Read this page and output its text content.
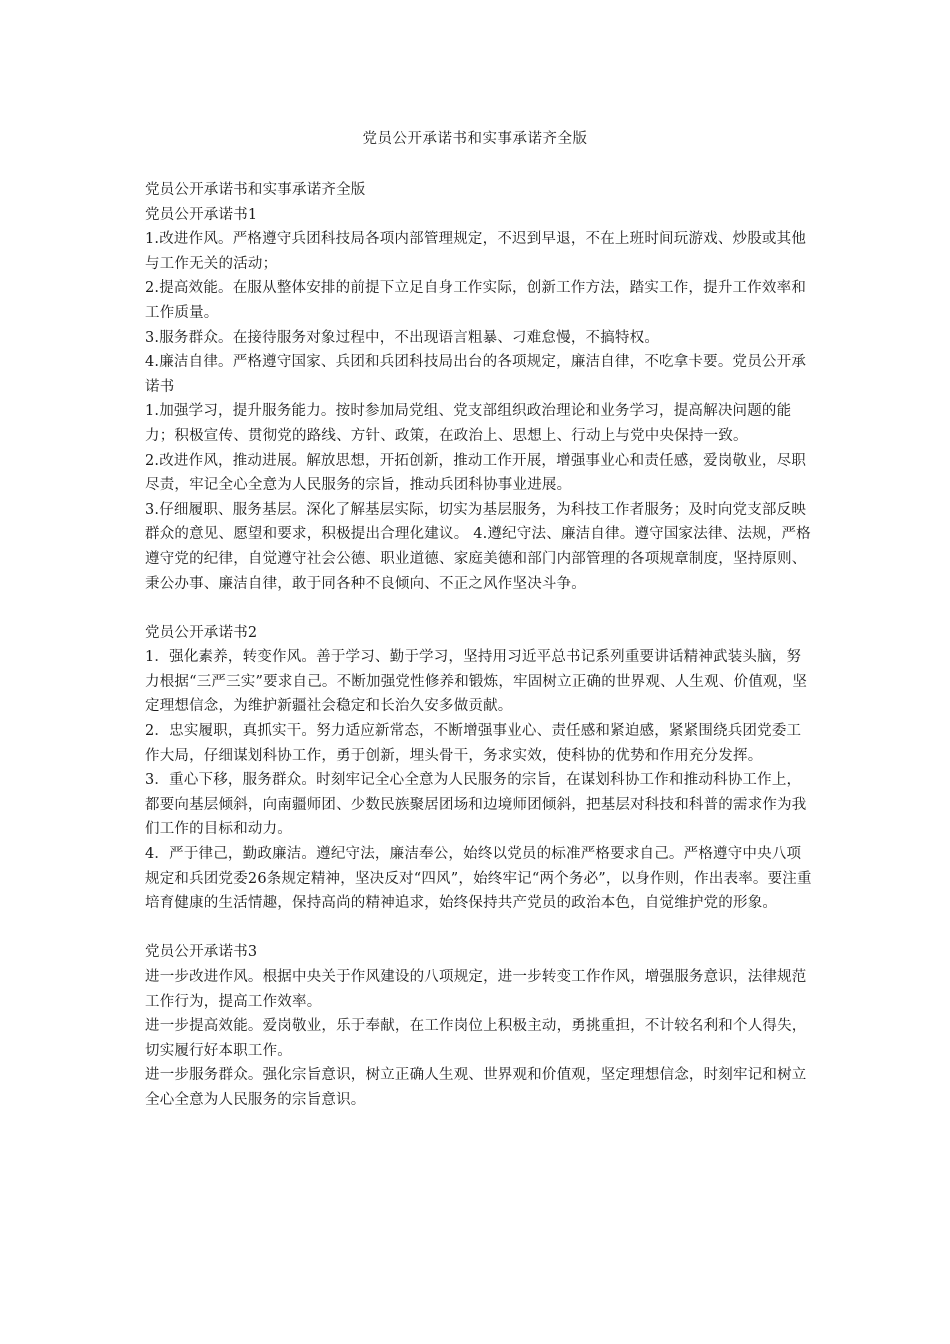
党员公开承诺书和实事承诺齐全版

党员公开承诺书和实事承诺齐全版

党员公开承诺书1

1.改进作风。严格遵守兵团科技局各项内部管理规定，不迟到早退，不在上班时间玩游戏、炒股或其他与工作无关的活动；

2.提高效能。在服从整体安排的前提下立足自身工作实际，创新工作方法，踏实工作，提升工作效率和工作质量。

3.服务群众。在接待服务对象过程中，不出现语言粗暴、刁难怠慢，不搞特权。

4.廉洁自律。严格遵守国家、兵团和兵团科技局出台的各项规定，廉洁自律，不吃拿卡要。党员公开承诺书

1.加强学习，提升服务能力。按时参加局党组、党支部组织政治理论和业务学习，提高解决问题的能力；积极宣传、贯彻党的路线、方针、政策，在政治上、思想上、行动上与党中央保持一致。

2.改进作风，推动进展。解放思想，开拓创新，推动工作开展，增强事业心和责任感，爱岗敬业，尽职尽责，牢记全心全意为人民服务的宗旨，推动兵团科协事业进展。

3.仔细履职、服务基层。深化了解基层实际，切实为基层服务，为科技工作者服务；及时向党支部反映群众的意见、愿望和要求，积极提出合理化建议。 4.遵纪守法、廉洁自律。遵守国家法律、法规，严格遵守党的纪律，自觉遵守社会公德、职业道德、家庭美德和部门内部管理的各项规章制度，坚持原则、秉公办事、廉洁自律，敢于同各种不良倾向、不正之风作坚决斗争。

党员公开承诺书2

1．强化素养，转变作风。善于学习、勤于学习，坚持用习近平总书记系列重要讲话精神武装头脑，努力根据“三严三实”要求自己。不断加强党性修养和锻炼，牢固树立正确的世界观、人生观、价值观，坚定理想信念，为维护新疆社会稳定和长治久安多做贡献。

2．忠实履职，真抓实干。努力适应新常态，不断增强事业心、责任感和紧迫感，紧紧围绕兵团党委工作大局，仔细谋划科协工作，勇于创新，埋头骨干，务求实效，使科协的优势和作用充分发挥。

3．重心下移，服务群众。时刻牢记全心全意为人民服务的宗旨，在谋划科协工作和推动科协工作上，都要向基层倾斜，向南疆师团、少数民族聚居团场和边境师团倾斜，把基层对科技和科普的需求作为我们工作的目标和动力。

4．严于律己，勤政廉洁。遵纪守法，廉洁奉公，始终以党员的标准严格要求自己。严格遵守中央八项规定和兵团党委26条规定精神，坚决反对“四风”，始终牢记“两个务必”，以身作则，作出表率。要注重培育健康的生活情趣，保持高尚的精神追求，始终保持共产党员的政治本色，自觉维护党的形象。

党员公开承诺书3

进一步改进作风。根据中央关于作风建设的八项规定，进一步转变工作作风，增强服务意识，法律规范工作行为，提高工作效率。

进一步提高效能。爱岗敬业，乐于奉献，在工作岗位上积极主动，勇挑重担，不计较名利和个人得失，切实履行好本职工作。

进一步服务群众。强化宗旨意识，树立正确人生观、世界观和价值观，坚定理想信念，时刻牢记和树立全心全意为人民服务的宗旨意识。
